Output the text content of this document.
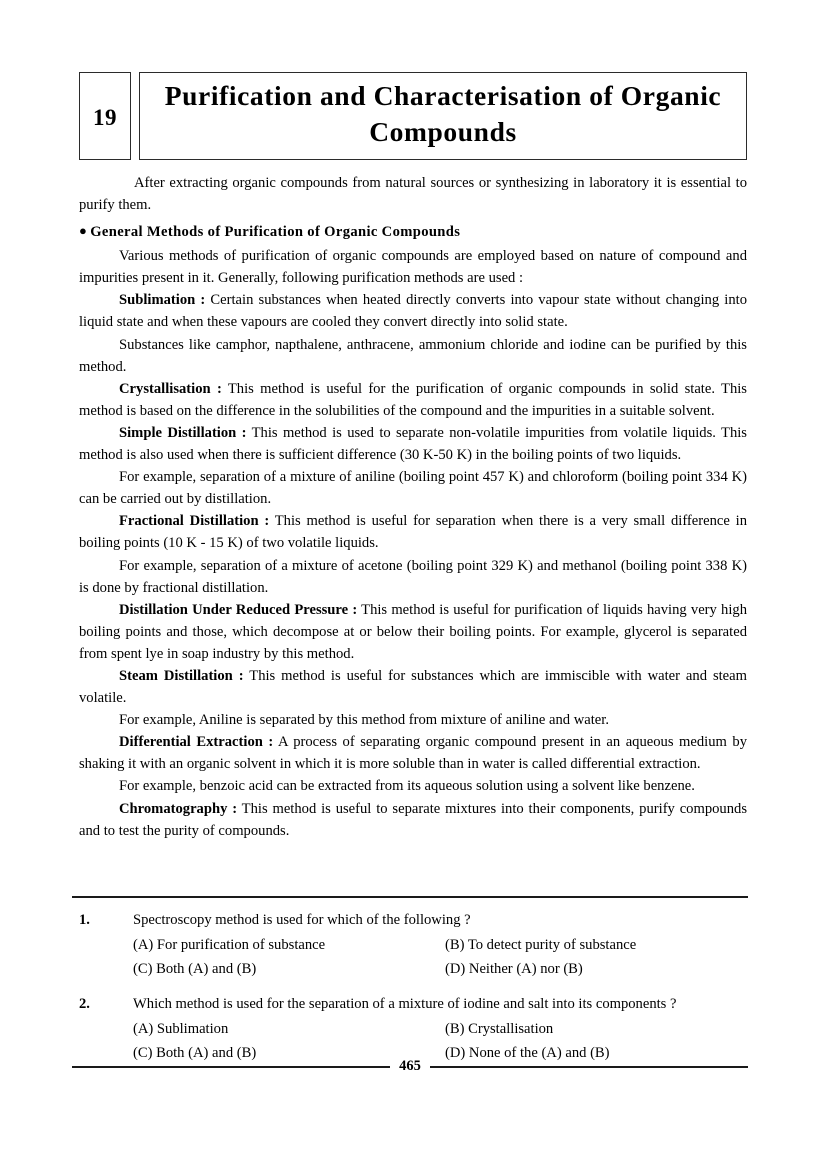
19
Purification and Characterisation of Organic Compounds

After extracting organic compounds from natural sources or synthesizing in laboratory it is essential to purify them.

● General Methods of Purification of Organic Compounds

Various methods of purification of organic compounds are employed based on nature of compound and impurities present in it. Generally, following purification methods are used :

Sublimation : Certain substances when heated directly converts into vapour state without changing into liquid state and when these vapours are cooled they convert directly into solid state.

Substances like camphor, napthalene, anthracene, ammonium chloride and iodine can be purified by this method.

Crystallisation : This method is useful for the purification of organic compounds in solid state. This method is based on the difference in the solubilities of the compound and the impurities in a suitable solvent.

Simple Distillation : This method is used to separate non-volatile impurities from volatile liquids. This method is also used when there is sufficient difference (30 K-50 K) in the boiling points of two liquids.

For example, separation of a mixture of aniline (boiling point 457 K) and chloroform (boiling point 334 K) can be carried out by distillation.

Fractional Distillation : This method is useful for separation when there is a very small difference in boiling points (10 K - 15 K) of two volatile liquids.

For example, separation of a mixture of acetone (boiling point 329 K) and methanol (boiling point 338 K) is done by fractional distillation.

Distillation Under Reduced Pressure : This method is useful for purification of liquids having very high boiling points and those, which decompose at or below their boiling points. For example, glycerol is separated from spent lye in soap industry by this method.

Steam Distillation : This method is useful for substances which are immiscible with water and steam volatile.

For example, Aniline is separated by this method from mixture of aniline and water.

Differential Extraction : A process of separating organic compound present in an aqueous medium by shaking it with an organic solvent in which it is more soluble than in water is called differential extraction.

For example, benzoic acid can be extracted from its aqueous solution using a solvent like benzene.

Chromatography : This method is useful to separate mixtures into their components, purify compounds and to test the purity of compounds.

1.	Spectroscopy method is used for which of the following ?
(A) For purification of substance	(B) To detect purity of substance
(C) Both (A) and (B)	(D) Neither (A) nor (B)
2.	Which method is used for the separation of a mixture of iodine and salt into its components ?
(A) Sublimation	(B) Crystallisation
(C) Both (A) and (B)	(D) None of the (A) and (B)
465
